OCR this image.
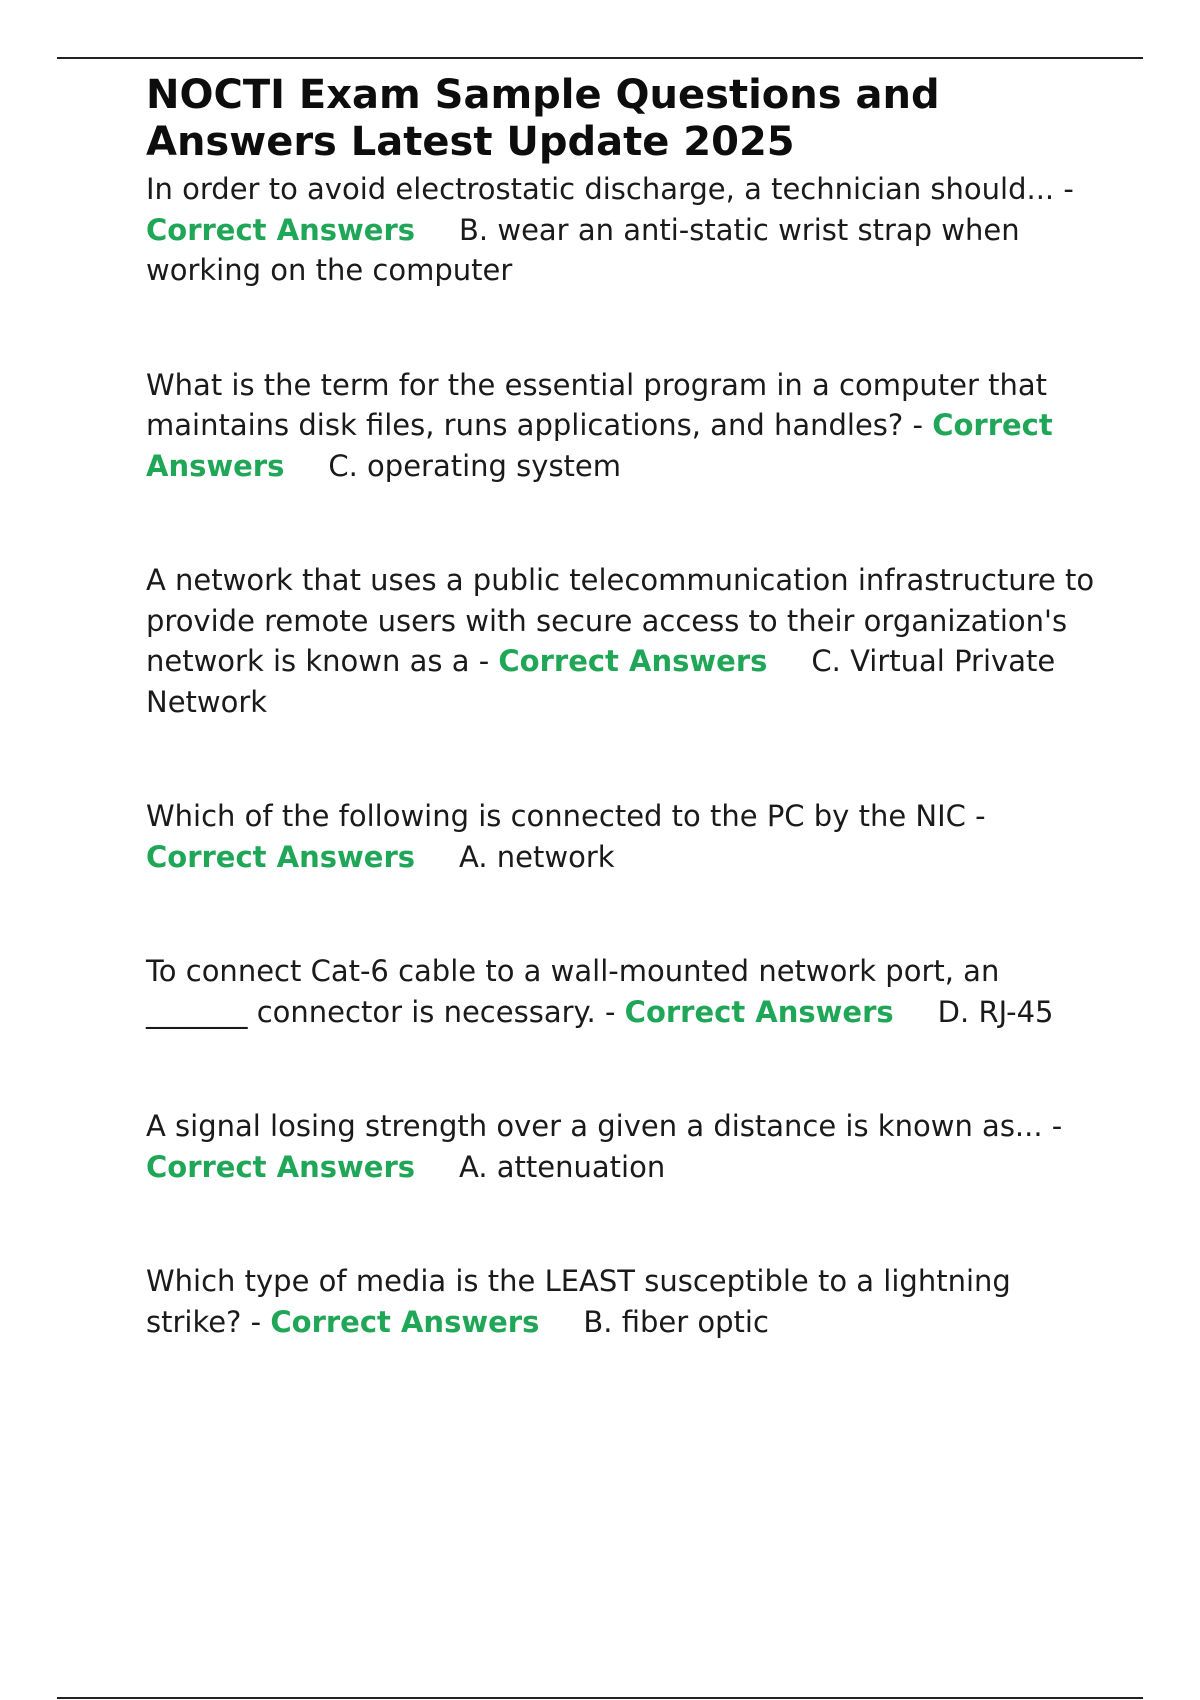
NOCTI Exam Sample Questions and Answers Latest Update 2025

In order to avoid electrostatic discharge, a technician should... - Correct Answers B. wear an anti-static wrist strap when working on the computer

What is the term for the essential program in a computer that maintains disk files, runs applications, and handles? - Correct Answers C. operating system

A network that uses a public telecommunication infrastructure to provide remote users with secure access to their organization's network is known as a - Correct Answers C. Virtual Private Network

Which of the following is connected to the PC by the NIC - Correct Answers A. network

To connect Cat-6 cable to a wall-mounted network port, an _______ connector is necessary. - Correct Answers D. RJ-45

A signal losing strength over a given a distance is known as... - Correct Answers A. attenuation

Which type of media is the LEAST susceptible to a lightning strike? - Correct Answers B. fiber optic
